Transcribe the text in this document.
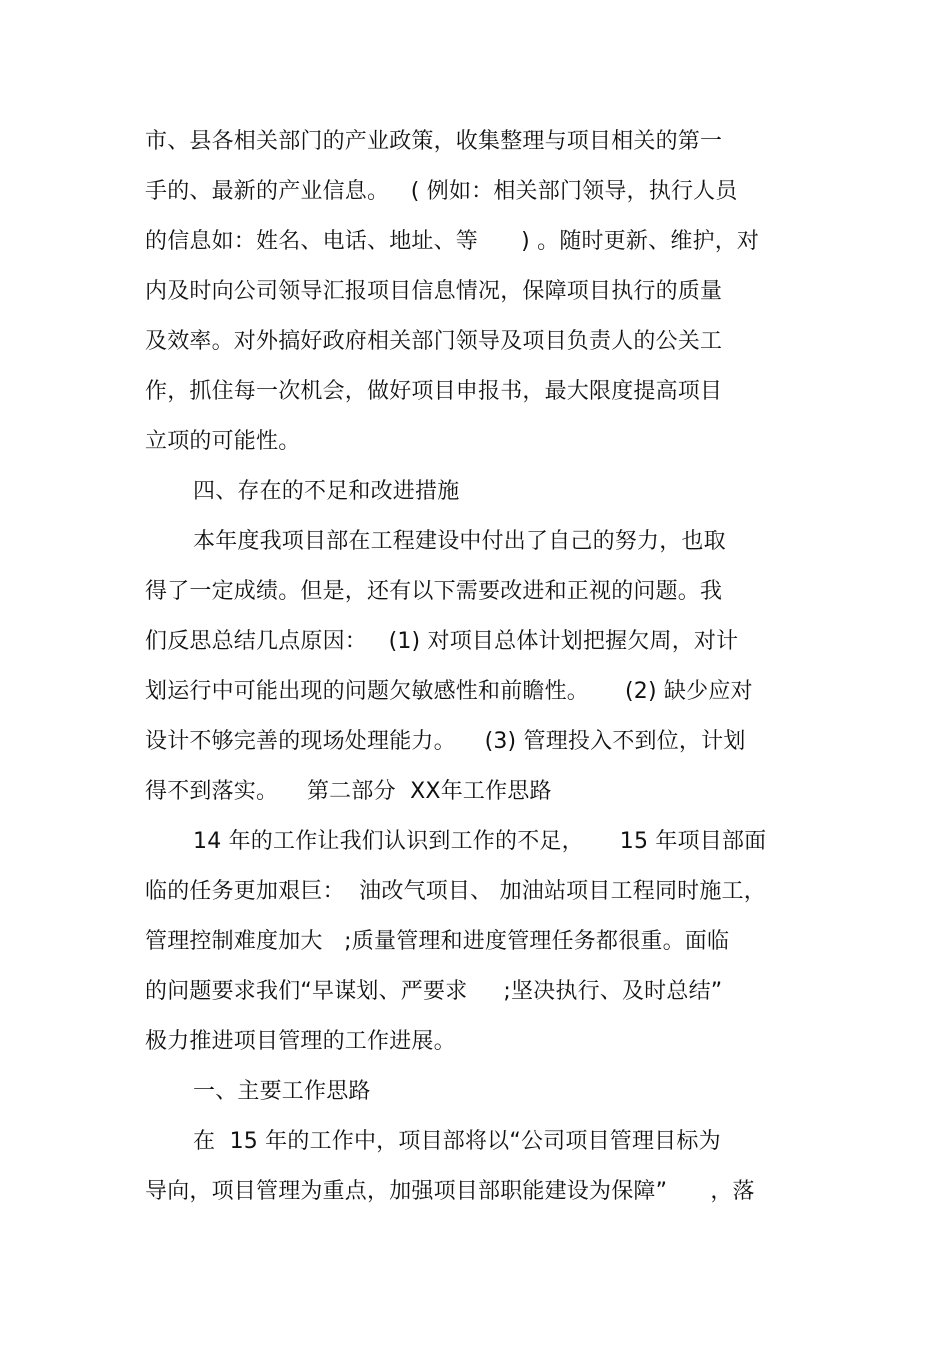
市、县各相关部门的产业政策，收集整理与项目相关的第一
手的、最新的产业信息。   ( 例如：相关部门领导，执行人员
的信息如：姓名、电话、地址、等      ) 。随时更新、维护，对
内及时向公司领导汇报项目信息情况，保障项目执行的质量
及效率。对外搞好政府相关部门领导及项目负责人的公关工
作，抓住每一次机会，做好项目申报书，最大限度提高项目
立项的可能性。
四、存在的不足和改进措施
本年度我项目部在工程建设中付出了自己的努力，也取
得了一定成绩。但是，还有以下需要改进和正视的问题。我
们反思总结几点原因：   (1) 对项目总体计划把握欠周，对计
划运行中可能出现的问题欠敏感性和前瞻性。     (2) 缺少应对
设计不够完善的现场处理能力。    (3) 管理投入不到位，计划
得不到落实。    第二部分  XX年工作思路
14 年的工作让我们认识到工作的不足，     15 年项目部面
临的任务更加艰巨：  油改气项目、 加油站项目工程同时施工，
管理控制难度加大   ;质量管理和进度管理任务都很重。面临
的问题要求我们“早谋划、严要求     ;坚决执行、及时总结”
极力推进项目管理的工作进展。
一、主要工作思路
在  15 年的工作中，项目部将以“公司项目管理目标为
导向，项目管理为重点，加强项目部职能建设为保障”      ，落
